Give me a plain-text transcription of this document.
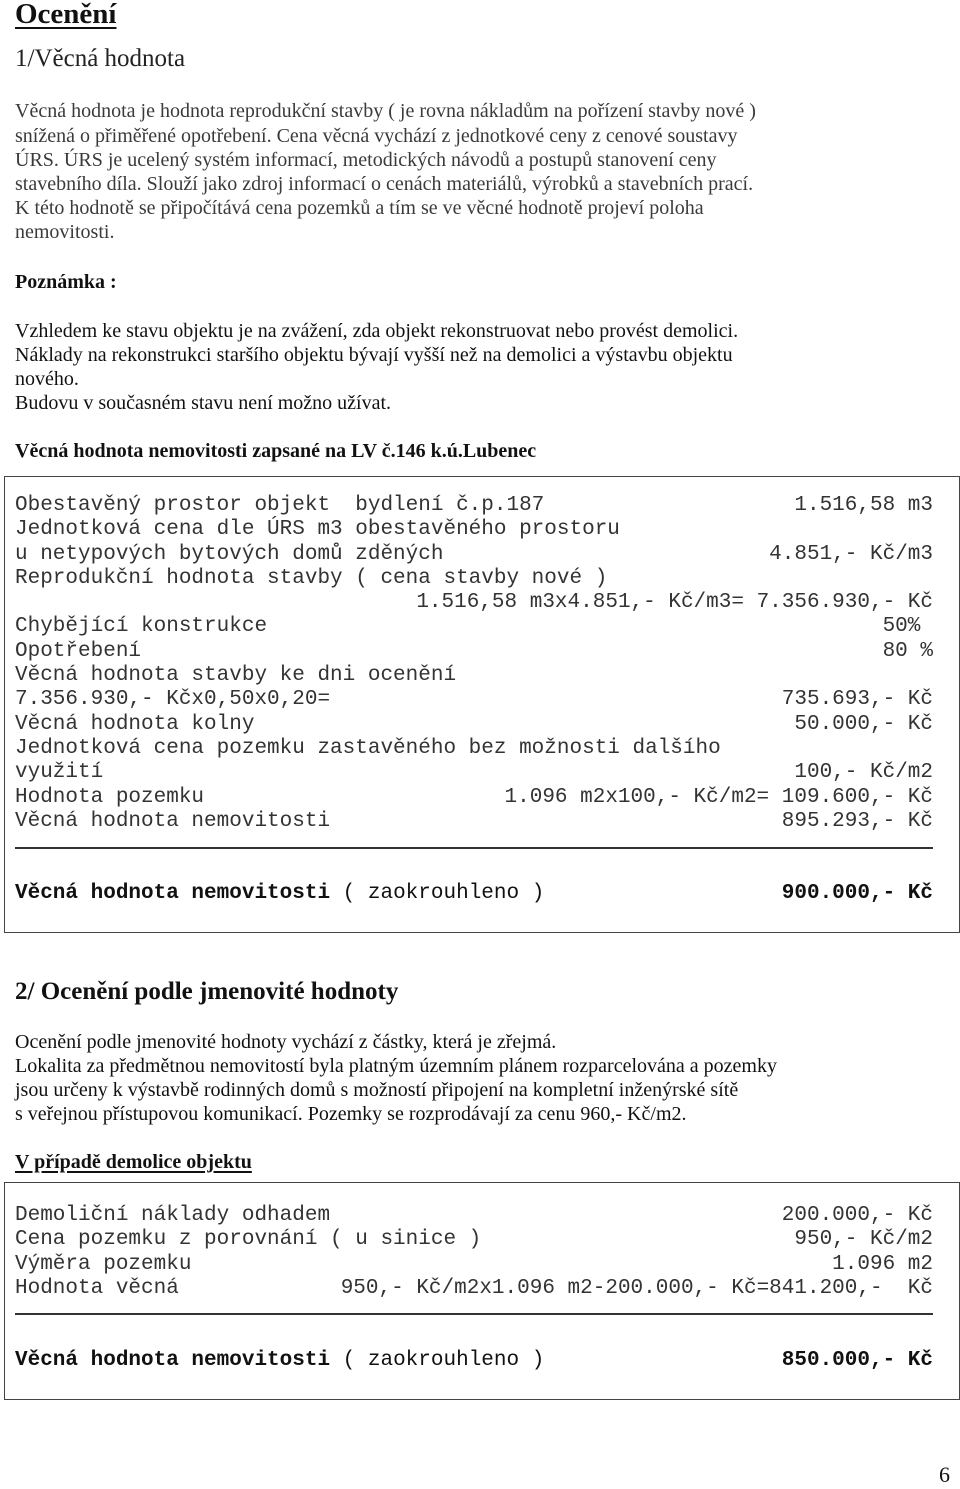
Ocenění
1/Věcná hodnota
Věcná hodnota je hodnota reprodukční stavby ( je rovna nákladům na pořízení stavby nové )
snížená o přiměřené opotřebení. Cena věcná vychází z jednotkové ceny z cenové soustavy
ÚRS. ÚRS je ucelený systém informací, metodických návodů a postupů stanovení ceny
stavebního díla. Slouží jako zdroj informací o cenách materiálů, výrobků a stavebních prací.
K této hodnotě se připočítává cena pozemků a tím se ve věcné hodnotě projeví poloha
nemovitosti.
Poznámka :
Vzhledem ke stavu objektu je na zvážení, zda objekt rekonstruovat nebo provést demolici.
Náklady na rekonstrukci staršího objektu bývají vyšší než na demolici a výstavbu objektu
nového.
Budovu v současném stavu není možno užívat.
Věcná hodnota nemovitosti zapsané na LV č.146 k.ú.Lubenec
Obestavěný prostor objekt  bydlení č.p.187	1.516,58 m3
Jednotková cena dle ÚRS m3 obestavěného prostoru
u netypových bytových domů zděných	4.851,- Kč/m3
Reprodukční hodnota stavby ( cena stavby nové )
1.516,58 m3x4.851,- Kč/m3= 7.356.930,- Kč
Chybějící konstrukce	50%
Opotřebení	80 %
Věcná hodnota stavby ke dni ocenění
7.356.930,- Kčx0,50x0,20=	735.693,- Kč
Věcná hodnota kolny	50.000,- Kč
Jednotková cena pozemku zastavěného bez možnosti dalšího
využití	100,- Kč/m2
Hodnota pozemku	1.096 m2x100,- Kč/m2= 109.600,- Kč
Věcná hodnota nemovitosti	895.293,- Kč
Věcná hodnota nemovitosti ( zaokrouhleno )	900.000,- Kč
2/ Ocenění podle jmenovité hodnoty
Ocenění podle jmenovité hodnoty vychází z částky, která je zřejmá.
Lokalita za předmětnou nemovitostí byla platným územním plánem rozparcelována a pozemky
jsou určeny k výstavbě rodinných domů s možností připojení na kompletní inženýrské sítě
s veřejnou přístupovou komunikací. Pozemky se rozprodávají za cenu 960,- Kč/m2.
V případě demolice objektu
Demoliční náklady odhadem	200.000,- Kč
Cena pozemku z porovnání ( u sinice )	950,- Kč/m2
Výměra pozemku	1.096 m2
Hodnota věcná	950,- Kč/m2x1.096 m2-200.000,- Kč=841.200,-  Kč
Věcná hodnota nemovitosti ( zaokrouhleno )	850.000,- Kč
6
